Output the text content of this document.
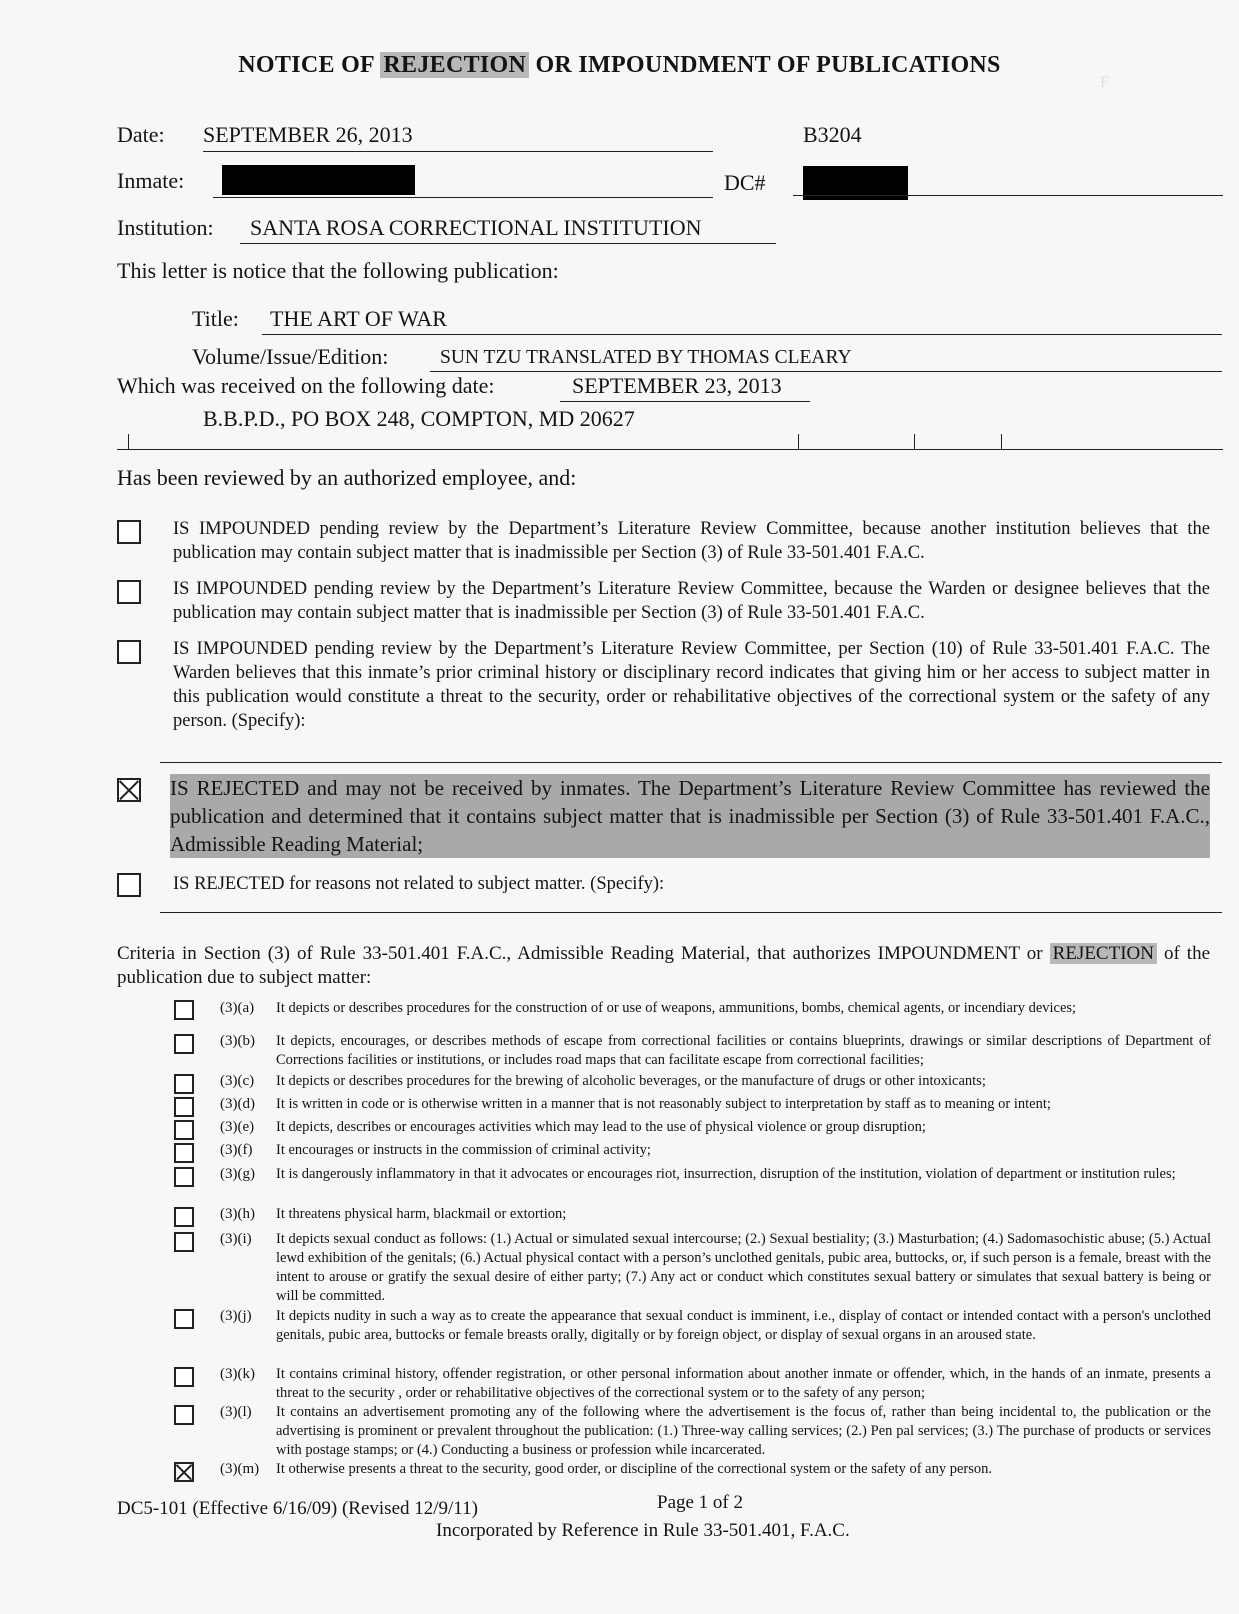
F
NOTICE OF REJECTION OR IMPOUNDMENT OF PUBLICATIONS
Date: SEPTEMBER 26, 2013	B3204
Inmate:	DC#
Institution: SANTA ROSA CORRECTIONAL INSTITUTION
This letter is notice that the following publication:
Title: THE ART OF WAR
Volume/Issue/Edition:	SUN TZU TRANSLATED BY THOMAS CLEARY
Which was received on the following date:	SEPTEMBER 23, 2013
B.B.P.D., PO BOX 248, COMPTON, MD 20627
Has been reviewed by an authorized employee, and:
IS IMPOUNDED pending review by the Department’s Literature Review Committee, because another institution believes that the publication may contain subject matter that is inadmissible per Section (3) of Rule 33-501.401 F.A.C.
IS IMPOUNDED pending review by the Department’s Literature Review Committee, because the Warden or designee believes that the publication may contain subject matter that is inadmissible per Section (3) of Rule 33-501.401 F.A.C.
IS IMPOUNDED pending review by the Department’s Literature Review Committee, per Section (10) of Rule 33-501.401 F.A.C. The Warden believes that this inmate’s prior criminal history or disciplinary record indicates that giving him or her access to subject matter in this publication would constitute a threat to the security, order or rehabilitative objectives of the correctional system or the safety of any person. (Specify):
IS REJECTED and may not be received by inmates. The Department’s Literature Review Committee has reviewed the publication and determined that it contains subject matter that is inadmissible per Section (3) of Rule 33-501.401 F.A.C., Admissible Reading Material;
IS REJECTED for reasons not related to subject matter. (Specify):
Criteria in Section (3) of Rule 33-501.401 F.A.C., Admissible Reading Material, that authorizes IMPOUNDMENT or REJECTION of the publication due to subject matter:
(3)(a) It depicts or describes procedures for the construction of or use of weapons, ammunitions, bombs, chemical agents, or incendiary devices;
(3)(b) It depicts, encourages, or describes methods of escape from correctional facilities or contains blueprints, drawings or similar descriptions of Department of Corrections facilities or institutions, or includes road maps that can facilitate escape from correctional facilities;
(3)(c) It depicts or describes procedures for the brewing of alcoholic beverages, or the manufacture of drugs or other intoxicants;
(3)(d) It is written in code or is otherwise written in a manner that is not reasonably subject to interpretation by staff as to meaning or intent;
(3)(e) It depicts, describes or encourages activities which may lead to the use of physical violence or group disruption;
(3)(f) It encourages or instructs in the commission of criminal activity;
(3)(g) It is dangerously inflammatory in that it advocates or encourages riot, insurrection, disruption of the institution, violation of department or institution rules;
(3)(h) It threatens physical harm, blackmail or extortion;
(3)(i) It depicts sexual conduct as follows: (1.) Actual or simulated sexual intercourse; (2.) Sexual bestiality; (3.) Masturbation; (4.) Sadomasochistic abuse; (5.) Actual lewd exhibition of the genitals; (6.) Actual physical contact with a person’s unclothed genitals, pubic area, buttocks, or, if such person is a female, breast with the intent to arouse or gratify the sexual desire of either party; (7.) Any act or conduct which constitutes sexual battery or simulates that sexual battery is being or will be committed.
(3)(j) It depicts nudity in such a way as to create the appearance that sexual conduct is imminent, i.e., display of contact or intended contact with a person's unclothed genitals, pubic area, buttocks or female breasts orally, digitally or by foreign object, or display of sexual organs in an aroused state.
(3)(k) It contains criminal history, offender registration, or other personal information about another inmate or offender, which, in the hands of an inmate, presents a threat to the security , order or rehabilitative objectives of the correctional system or to the safety of any person;
(3)(l) It contains an advertisement promoting any of the following where the advertisement is the focus of, rather than being incidental to, the publication or the advertising is prominent or prevalent throughout the publication: (1.) Three-way calling services; (2.) Pen pal services; (3.) The purchase of products or services with postage stamps; or (4.) Conducting a business or profession while incarcerated.
(3)(m) It otherwise presents a threat to the security, good order, or discipline of the correctional system or the safety of any person.
DC5-101 (Effective 6/16/09) (Revised 12/9/11)	Page 1 of 2
Incorporated by Reference in Rule 33-501.401, F.A.C.
